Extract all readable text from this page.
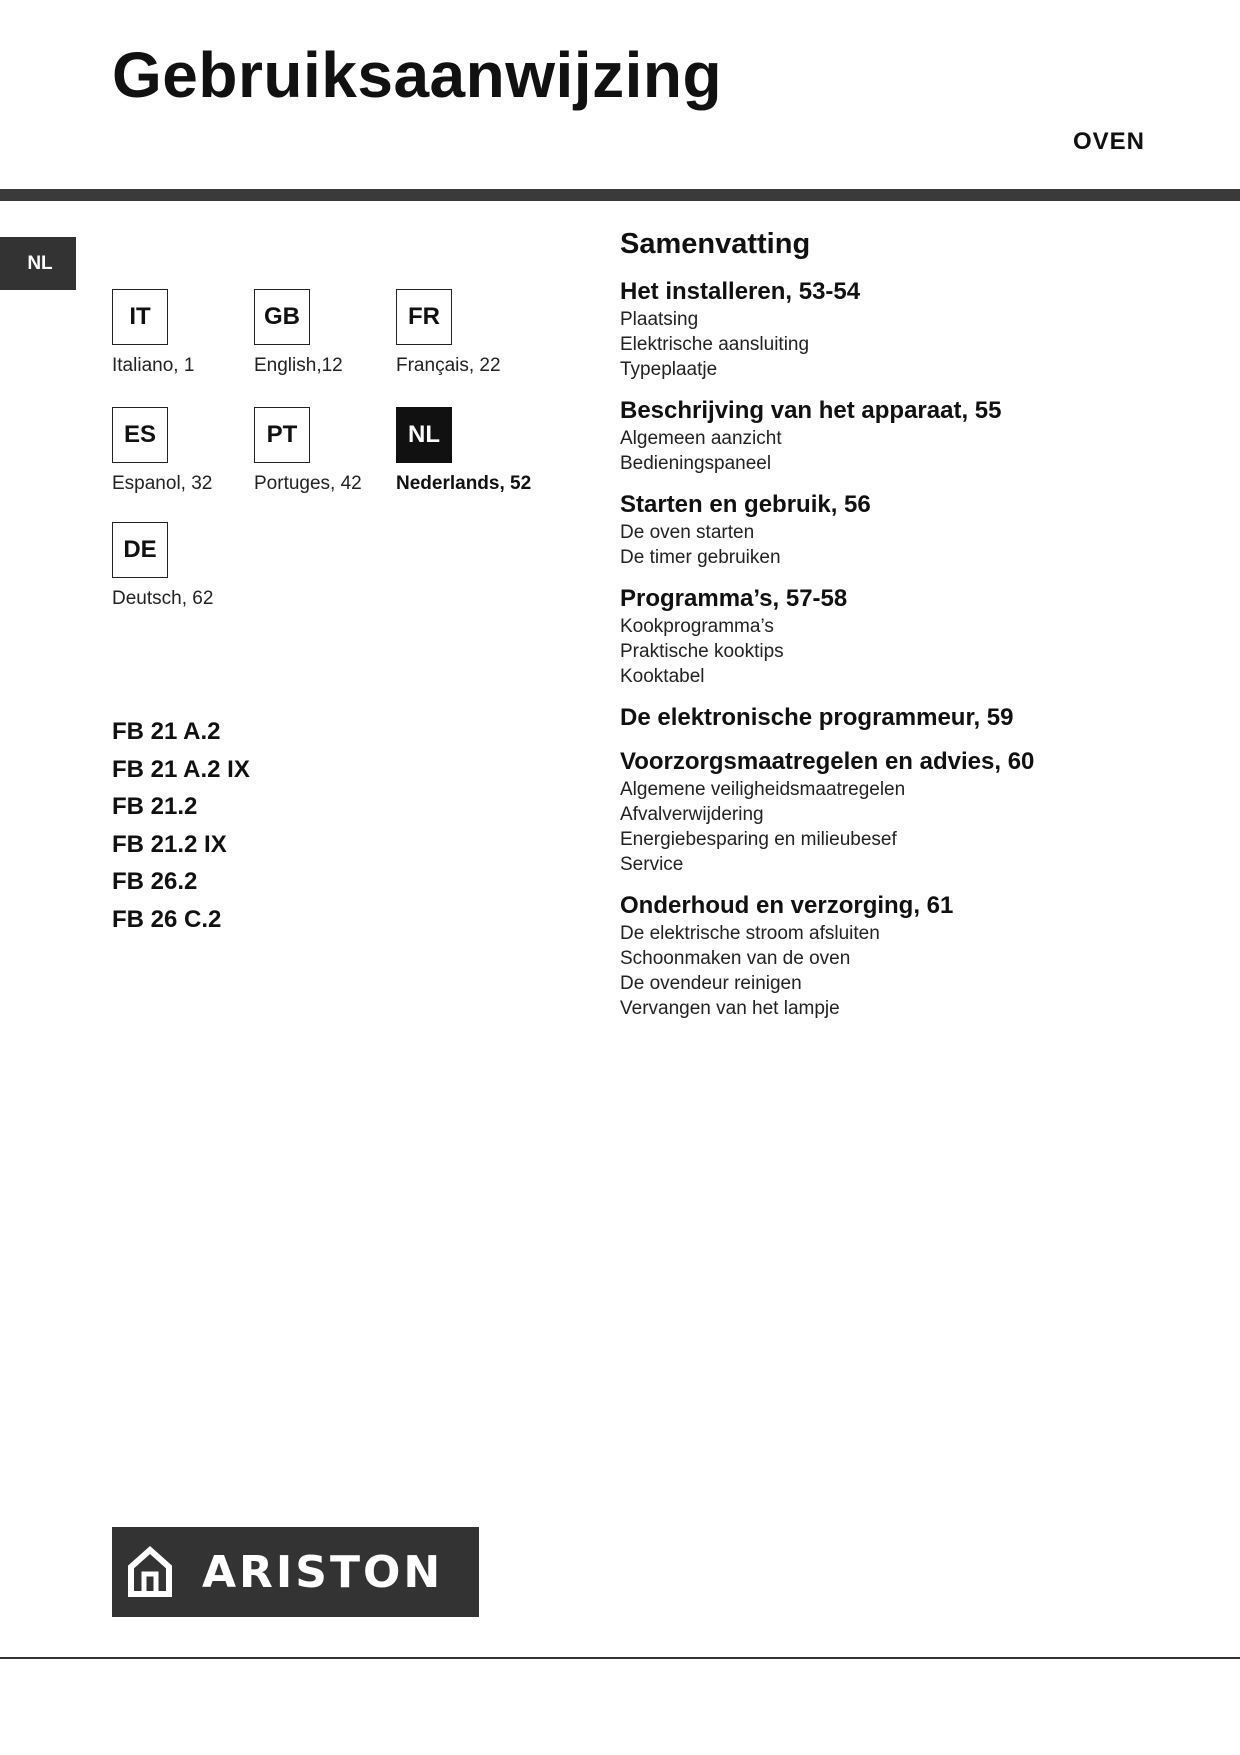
Gebruiksaanwijzing
OVEN
NL
IT
Italiano, 1
GB
English,12
FR
Français, 22
ES
Espanol, 32
PT
Portuges, 42
NL
Nederlands, 52
DE
Deutsch, 62
FB 21 A.2
FB 21 A.2 IX
FB 21.2
FB 21.2 IX
FB 26.2
FB 26 C.2
Samenvatting
Het installeren, 53-54
Plaatsing
Elektrische aansluiting
Typeplaatje
Beschrijving van het apparaat, 55
Algemeen aanzicht
Bedieningspaneel
Starten en gebruik, 56
De oven starten
De timer gebruiken
Programma’s, 57-58
Kookprogramma’s
Praktische kooktips
Kooktabel
De elektronische programmeur, 59
Voorzorgsmaatregelen en advies, 60
Algemene veiligheidsmaatregelen
Afvalverwijdering
Energiebesparing en milieubesef
Service
Onderhoud en verzorging, 61
De elektrische stroom afsluiten
Schoonmaken van de oven
De ovendeur reinigen
Vervangen van het lampje
ARISTON
